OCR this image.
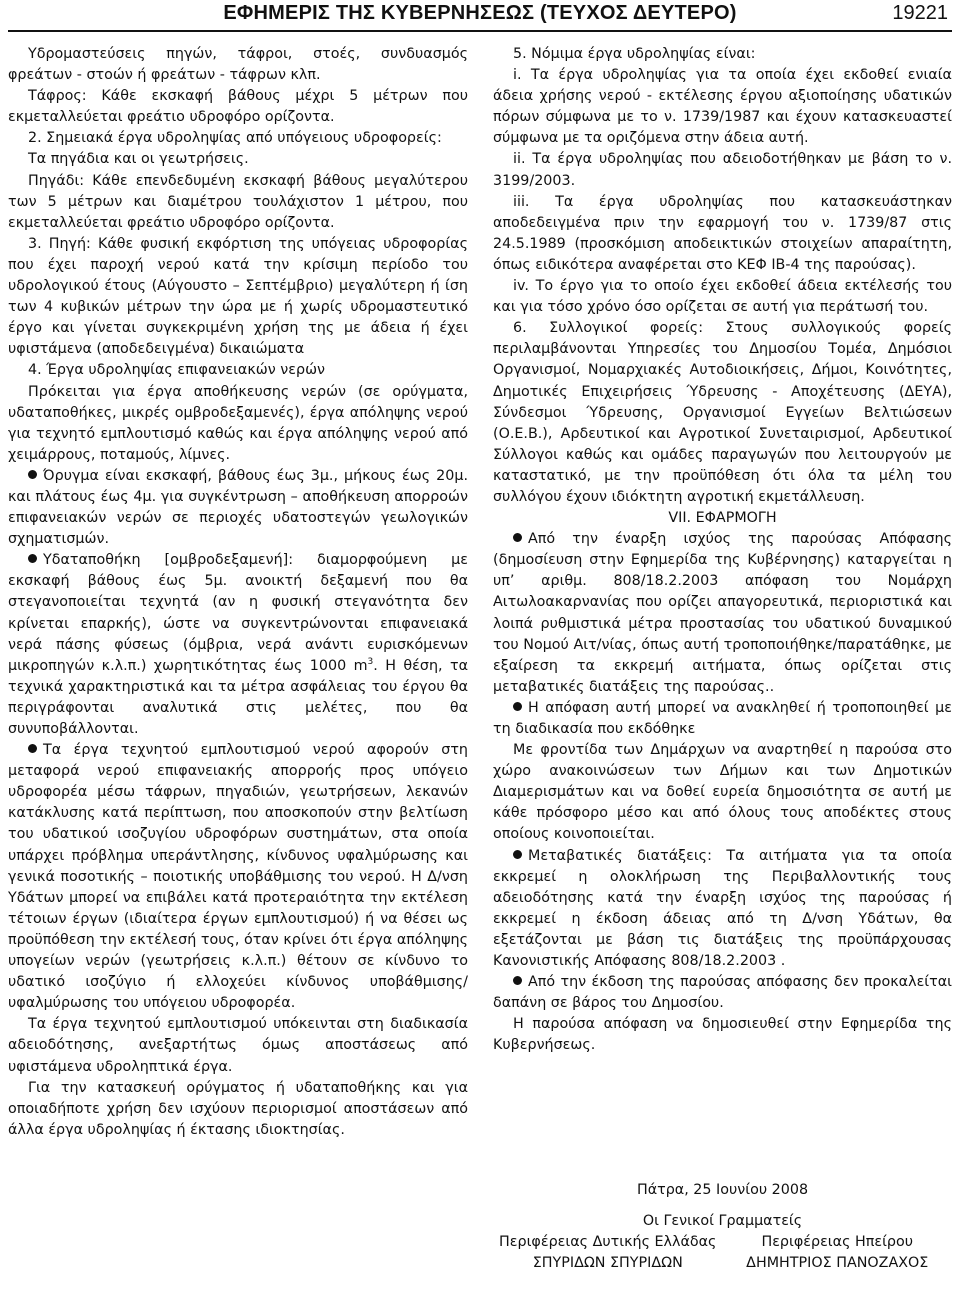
ΕΦΗΜΕΡΙΣ ΤΗΣ ΚΥΒΕΡΝΗΣΕΩΣ (ΤΕΥΧΟΣ ΔΕΥΤΕΡΟ)	19221

Υδρομαστεύσεις πηγών, τάφροι, στοές, συνδυασμός φρεάτων - στοών ή φρεάτων - τάφρων κλπ.

Τάφρος: Κάθε εκσκαφή βάθους μέχρι 5 μέτρων που εκμεταλλεύεται φρεάτιο υδροφόρο ορίζοντα.

2. Σημειακά έργα υδροληψίας από υπόγειους υδροφορείς:

Τα πηγάδια και οι γεωτρήσεις.

Πηγάδι: Κάθε επενδεδυμένη εκσκαφή βάθους μεγαλύτερου των 5 μέτρων και διαμέτρου τουλάχιστον 1 μέτρου, που εκμεταλλεύεται φρεάτιο υδροφόρο ορίζοντα.

3. Πηγή: Κάθε φυσική εκφόρτιση της υπόγειας υδροφορίας που έχει παροχή νερού κατά την κρίσιμη περίοδο του υδρολογικού έτους (Αύγουστο – Σεπτέμβριο) μεγαλύτερη ή ίση των 4 κυβικών μέτρων την ώρα με ή χωρίς υδρομαστευτικό έργο και γίνεται συγκεκριμένη χρήση της με άδεια ή έχει υφιστάμενα (αποδεδειγμένα) δικαιώματα

4. Έργα υδροληψίας επιφανειακών νερών

Πρόκειται για έργα αποθήκευσης νερών (σε ορύγματα, υδαταποθήκες, μικρές ομβροδεξαμενές), έργα απόληψης νερού για τεχνητό εμπλουτισμό καθώς και έργα απόληψης νερού από χειμάρρους, ποταμούς, λίμνες.

Όρυγμα είναι εκσκαφή, βάθους έως 3μ., μήκους έως 20μ. και πλάτους έως 4μ. για συγκέντρωση – αποθήκευση απορροών επιφανειακών νερών σε περιοχές υδατοστεγών γεωλογικών σχηματισμών.

Υδαταποθήκη [ομβροδεξαμενή]: διαμορφούμενη με εκσκαφή βάθους έως 5μ. ανοικτή δεξαμενή που θα στεγανοποιείται τεχνητά (αν η φυσική στεγανότητα δεν κρίνεται επαρκής), ώστε να συγκεντρώνονται επιφανειακά νερά πάσης φύσεως (όμβρια, νερά ανάντι ευρισκόμενων μικροπηγών κ.λ.π.) χωρητικότητας έως 1000 $m^3$. Η θέση, τα τεχνικά χαρακτηριστικά και τα μέτρα ασφάλειας του έργου θα περιγράφονται αναλυτικά στις μελέτες, που θα συνυποβάλλονται.

Τα έργα τεχνητού εμπλουτισμού νερού αφορούν στη μεταφορά νερού επιφανειακής απορροής προς υπόγειο υδροφορέα μέσω τάφρων, πηγαδιών, γεωτρήσεων, λεκανών κατάκλυσης κατά περίπτωση, που αποσκοπούν στην βελτίωση του υδατικού ισοζυγίου υδροφόρων συστημάτων, στα οποία υπάρχει πρόβλημα υπεράντλησης, κίνδυνος υφαλμύρωσης και γενικά ποσοτικής – ποιοτικής υποβάθμισης του νερού. Η Δ/νση Υδάτων μπορεί να επιβάλει κατά προτεραιότητα την εκτέλεση τέτοιων έργων (ιδιαίτερα έργων εμπλουτισμού) ή να θέσει ως προϋπόθεση την εκτέλεσή τους, όταν κρίνει ότι έργα απόληψης υπογείων νερών (γεωτρήσεις κ.λ.π.) θέτουν σε κίνδυνο το υδατικό ισοζύγιο ή ελλοχεύει κίνδυνος υποβάθμισης/ υφαλμύρωσης του υπόγειου υδροφορέα.

Τα έργα τεχνητού εμπλουτισμού υπόκεινται στη διαδικασία αδειοδότησης, ανεξαρτήτως όμως αποστάσεως από υφιστάμενα υδροληπτικά έργα.

Για την κατασκευή ορύγματος ή υδαταποθήκης και για οποιαδήποτε χρήση δεν ισχύουν περιορισμοί αποστάσεων από άλλα έργα υδροληψίας ή έκτασης ιδιοκτησίας.

5. Νόμιμα έργα υδροληψίας είναι:

i. Τα έργα υδροληψίας για τα οποία έχει εκδοθεί ενιαία άδεια χρήσης νερού - εκτέλεσης έργου αξιοποίησης υδατικών πόρων σύμφωνα με το ν. 1739/1987 και έχουν κατασκευαστεί σύμφωνα με τα οριζόμενα στην άδεια αυτή.

ii. Τα έργα υδροληψίας που αδειοδοτήθηκαν με βάση το ν. 3199/2003.

iii. Τα έργα υδροληψίας που κατασκευάστηκαν αποδεδειγμένα πριν την εφαρμογή του ν. 1739/87 στις 24.5.1989 (προσκόμιση αποδεικτικών στοιχείων απαραίτητη, όπως ειδικότερα αναφέρεται στο ΚΕΦ ΙΒ-4 της παρούσας).

iv. Το έργο για το οποίο έχει εκδοθεί άδεια εκτέλεσής του και για τόσο χρόνο όσο ορίζεται σε αυτή για περάτωσή του.

6. Συλλογικοί φορείς: Στους συλλογικούς φορείς περιλαμβάνονται Υπηρεσίες του Δημοσίου Τομέα, Δημόσιοι Οργανισμοί, Νομαρχιακές Αυτοδιοικήσεις, Δήμοι, Κοινότητες, Δημοτικές Επιχειρήσεις Ύδρευσης - Αποχέτευσης (ΔΕΥΑ), Σύνδεσμοι Ύδρευσης, Οργανισμοί Εγγείων Βελτιώσεων (Ο.Ε.Β.), Αρδευτικοί και Αγροτικοί Συνεταιρισμοί, Αρδευτικοί Σύλλογοι καθώς και ομάδες παραγωγών που λειτουργούν με καταστατικό, με την προϋπόθεση ότι όλα τα μέλη του συλλόγου έχουν ιδιόκτητη αγροτική εκμετάλλευση.

VII. ΕΦΑΡΜΟΓΗ

Από την έναρξη ισχύος της παρούσας Απόφασης (δημοσίευση στην Εφημερίδα της Κυβέρνησης) καταργείται η υπ’ αριθμ. 808/18.2.2003 απόφαση του Νομάρχη Αιτωλοακαρνανίας που ορίζει απαγορευτικά, περιοριστικά και λοιπά ρυθμιστικά μέτρα προστασίας του υδατικού δυναμικού του Νομού Αιτ/νίας, όπως αυτή τροποποιήθηκε/παρατάθηκε, με εξαίρεση τα εκκρεμή αιτήματα, όπως ορίζεται στις μεταβατικές διατάξεις της παρούσας..

Η απόφαση αυτή μπορεί να ανακληθεί ή τροποποιηθεί με τη διαδικασία που εκδόθηκε

Με φροντίδα των Δημάρχων να αναρτηθεί η παρούσα στο χώρο ανακοινώσεων των Δήμων και των Δημοτικών Διαμερισμάτων και να δοθεί ευρεία δημοσιότητα σε αυτή με κάθε πρόσφορο μέσο και από όλους τους αποδέκτες στους οποίους κοινοποιείται.

Μεταβατικές διατάξεις: Τα αιτήματα για τα οποία εκκρεμεί η ολοκλήρωση της Περιβαλλοντικής τους αδειοδότησης κατά την έναρξη ισχύος της παρούσας ή εκκρεμεί η έκδοση άδειας από τη Δ/νση Υδάτων, θα εξετάζονται με βάση τις διατάξεις της προϋπάρχουσας Κανονιστικής Απόφασης 808/18.2.2003 .

Από την έκδοση της παρούσας απόφασης δεν προκαλείται δαπάνη σε βάρος του Δημοσίου.

Η παρούσα απόφαση να δημοσιευθεί στην Εφημερίδα της Κυβερνήσεως.

Πάτρα, 25 Ιουνίου 2008
Οι Γενικοί Γραμματείς
Περιφέρειας Δυτικής Ελλάδας	Περιφέρειας Ηπείρου
ΣΠΥΡΙΔΩΝ ΣΠΥΡΙΔΩΝ	ΔΗΜΗΤΡΙΟΣ ΠΑΝΟΖΑΧΟΣ
